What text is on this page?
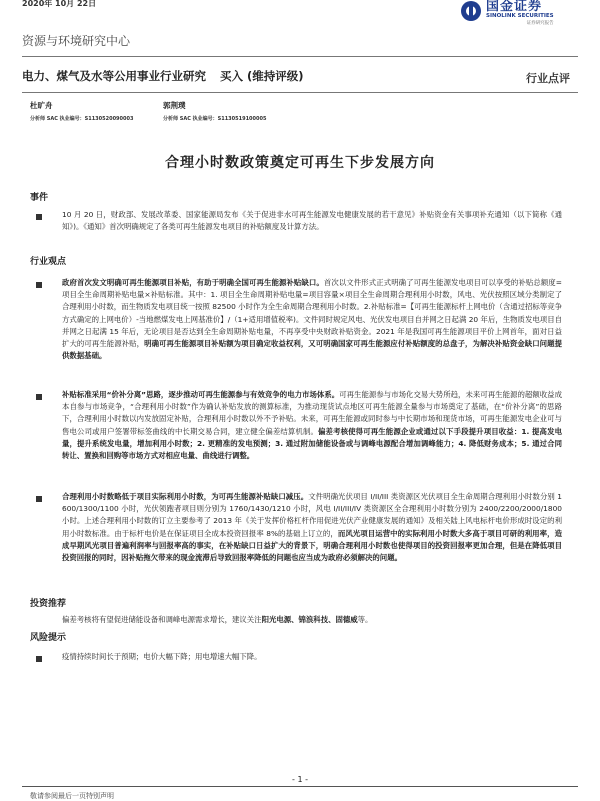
2020年 10月 22日	国金证券
SINOLINK SECURITIES
证券研究报告
资源与环境研究中心
电力、煤气及水等公用事业行业研究 买入 (维持评级)	行业点评
杜旷舟
分析师 SAC 执业编号：S1130520090003
郭荆璞
分析师 SAC 执业编号：S1130519100005
合理小时数政策奠定可再生下步发展方向
事件
10 月 20 日，财政部、发展改革委、国家能源局发布《关于促进非水可再生能源发电健康发展的若干意见》补贴资金有关事项补充通知（以下简称《通知》)。《通知》首次明确规定了各类可再生能源发电项目的补贴额度及计算方法。
行业观点
政府首次发文明确可再生能源项目补贴，有助于明确全国可再生能源补贴缺口。首次以文件形式正式明确了可再生能源发电项目可以享受的补贴总额度=项目全生命周期补贴电量×补贴标准。其中：1. 项目全生命周期补贴电量=项目容量×项目全生命周期合理利用小时数，风电、光伏按照区域分类制定了合理利用小时数，而生物质发电项目统一按照 82500 小时作为全生命周期合理利用小时数。2.补贴标准=【可再生能源标杆上网电价（含通过招标等竞争方式确定的上网电价）-当地燃煤发电上网基准价】/（1+适用增值税率)。文件同时规定风电、光伏发电项目自并网之日起满 20 年后，生物质发电项目自并网之日起满 15 年后，无论项目是否达到全生命周期补贴电量，不再享受中央财政补贴资金。2021 年是我国可再生能源项目平价上网首年，面对日益扩大的可再生能源补贴，明确可再生能源项目补贴额为项目确定收益权利，又可明确国家可再生能源应付补贴额度的总盘子，为解决补贴资金缺口问题提供数据基础。
补贴标准采用“价补分离”思路，逐步推动可再生能源参与有效竞争的电力市场体系。可再生能源参与市场化交易大势所趋，未来可再生能源的超额收益成本自参与市场竞争，“合理利用小时数”作为确认补贴发放的测算标准，为推动现货试点地区可再生能源全量参与市场奠定了基础，在“价补分离”的思路下，合理利用小时数以内发放固定补贴，合理利用小时数以外不予补贴。未来，可再生能源或同时参与中长期市场和现货市场，可再生能源发电企业可与售电公司或用户签署带标签曲线的中长期交易合同，建立健全偏差结算机制。偏差考核使得可再生能源企业或通过以下手段提升项目收益：1. 提高发电量，提升系统发电量，增加利用小时数；2. 更精准的发电预测；3. 通过附加储能设备或与调峰电源配合增加调峰能力；4. 降低财务成本；5. 通过合同转让、置换和回购等市场方式对相应电量、曲线进行调整。
合理利用小时数略低于项目实际利用小时数，为可再生能源补贴缺口减压。文件明确光伏项目 I/II/III 类资源区光伏项目全生命周期合理利用小时数分别 1600/1300/1100 小时，光伏领跑者项目则分别为 1760/1430/1210 小时，风电 I/II/III/IV 类资源区全合理利用小时数分别为 2400/2200/2000/1800 小时。上述合理利用小时数的订立主要参考了 2013 年《关于发挥价格杠杆作用促进光伏产业健康发展的通知》及相关陆上风电标杆电价形成时设定的利用小时数标准。由于标杆电价是在保证项目全成本投资回报率 8%的基础上订立的，而风光项目运营中的实际利用小时数大多高于项目可研的利用率，造成早期风光项目普遍利润率与回报率高的事实，在补贴缺口日益扩大的背景下，明确合理利用小时数也使得项目的投资回报率更加合理，但是在降低项目投资回报的同时，因补贴拖欠带来的现金流滞后导致回报率降低的问题也应当成为政府必须解决的问题。
投资推荐
偏差考核将有望促进储能设备和调峰电源需求增长，建议关注阳光电源、锦浪科技、固德威等。
风险提示
疫情持续时间长于预期；电价大幅下降；用电增速大幅下降。
- 1 -
敬请参阅最后一页特别声明
